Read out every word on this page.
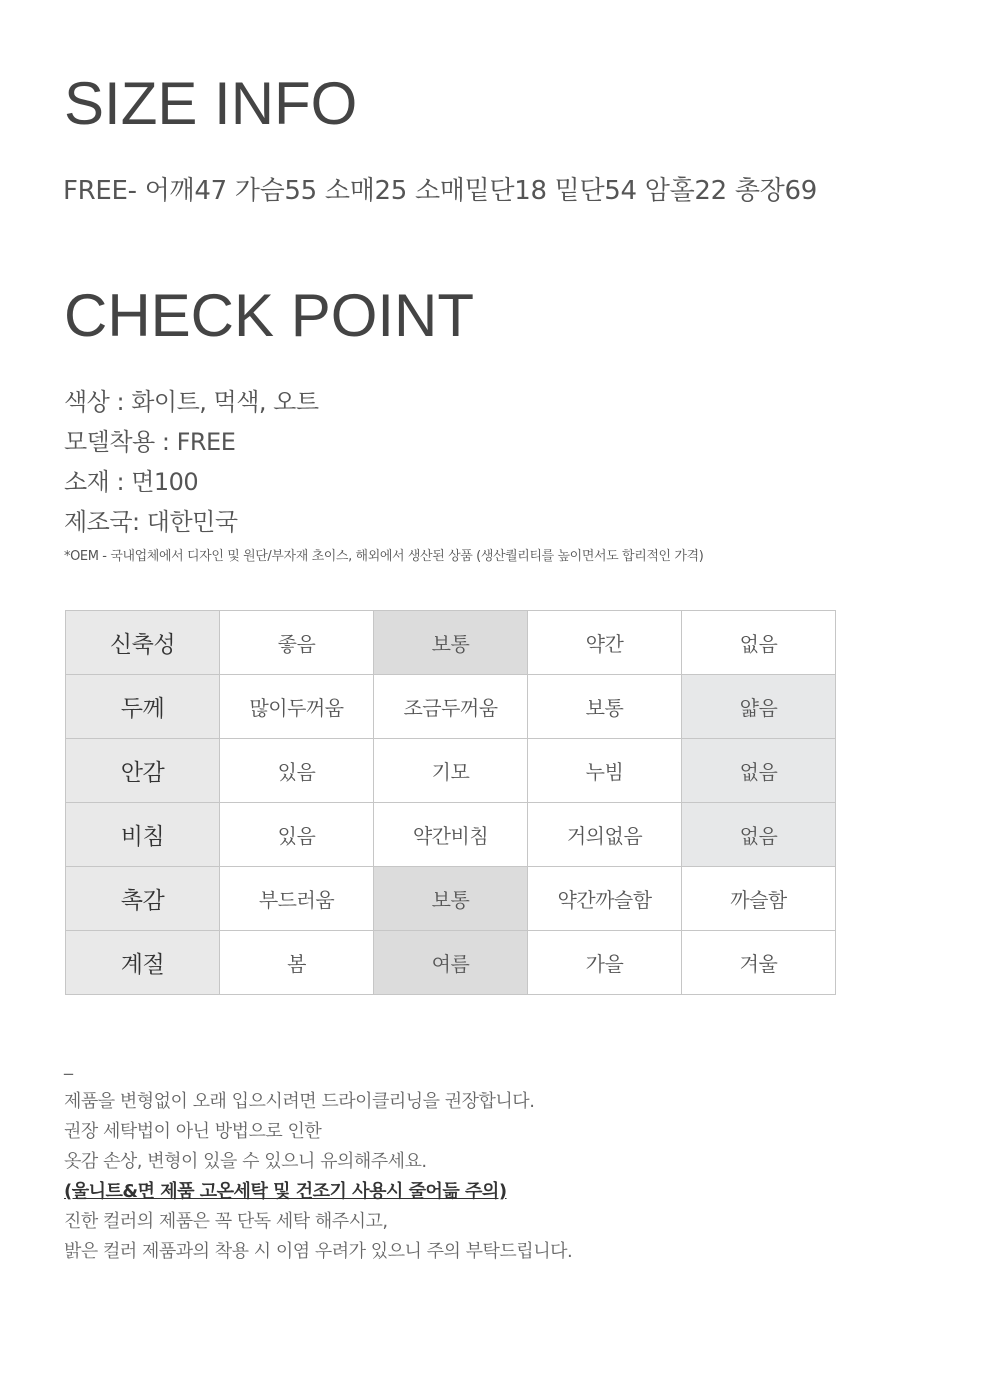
SIZE INFO
FREE- 어깨47 가슴55 소매25 소매밑단18 밑단54 암홀22 총장69
CHECK POINT
색상 : 화이트, 먹색, 오트
모델착용 : FREE
소재 : 면100
제조국: 대한민국
*OEM - 국내업체에서 디자인 및 원단/부자재 초이스, 해외에서 생산된 상품 (생산퀄리티를 높이면서도 합리적인 가격)
신축성	좋음	보통	약간	없음
두께	많이두꺼움	조금두꺼움	보통	얇음
안감	있음	기모	누빔	없음
비침	있음	약간비침	거의없음	없음
촉감	부드러움	보통	약간까슬함	까슬함
계절	봄	여름	가을	겨울
_
제품을 변형없이 오래 입으시려면 드라이클리닝을 권장합니다.
권장 세탁법이 아닌 방법으로 인한
옷감 손상, 변형이 있을 수 있으니 유의해주세요.
(울니트&면 제품 고온세탁 및 건조기 사용시 줄어듦 주의)
진한 컬러의 제품은 꼭 단독 세탁 해주시고,
밝은 컬러 제품과의 착용 시 이염 우려가 있으니 주의 부탁드립니다.
